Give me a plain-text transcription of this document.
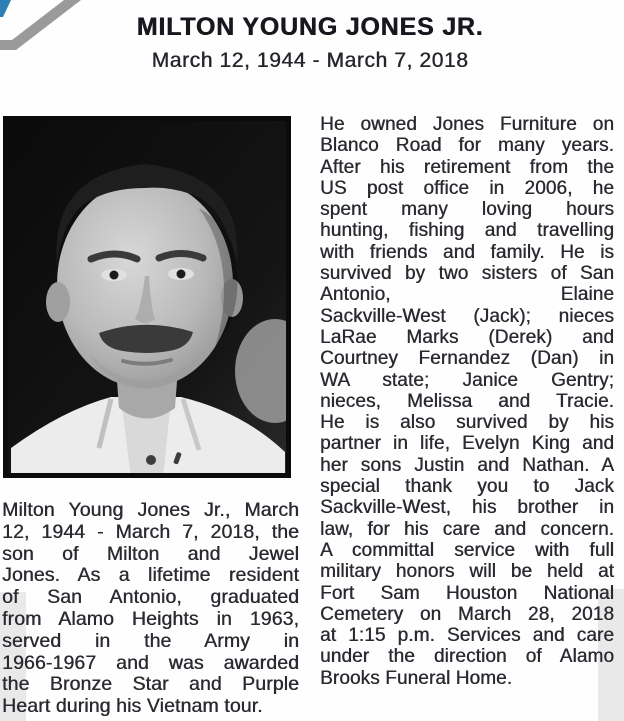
MILTON YOUNG JONES JR.
March 12, 1944 - March 7, 2018
Milton Young Jones Jr., March
12, 1944 - March 7, 2018, the
son of Milton and Jewel
Jones. As a lifetime resident
of San Antonio, graduated
from Alamo Heights in 1963,
served in the Army in
1966-1967 and was awarded
the Bronze Star and Purple
Heart during his Vietnam tour.
He owned Jones Furniture on
Blanco Road for many years.
After his retirement from the
US post office in 2006, he
spent many loving hours
hunting, fishing and travelling
with friends and family. He is
survived by two sisters of San
Antonio, Elaine
Sackville-West (Jack); nieces
LaRae Marks (Derek) and
Courtney Fernandez (Dan) in
WA state; Janice Gentry;
nieces, Melissa and Tracie.
He is also survived by his
partner in life, Evelyn King and
her sons Justin and Nathan. A
special thank you to Jack
Sackville-West, his brother in
law, for his care and concern.
A committal service with full
military honors will be held at
Fort Sam Houston National
Cemetery on March 28, 2018
at 1:15 p.m. Services and care
under the direction of Alamo
Brooks Funeral Home.
